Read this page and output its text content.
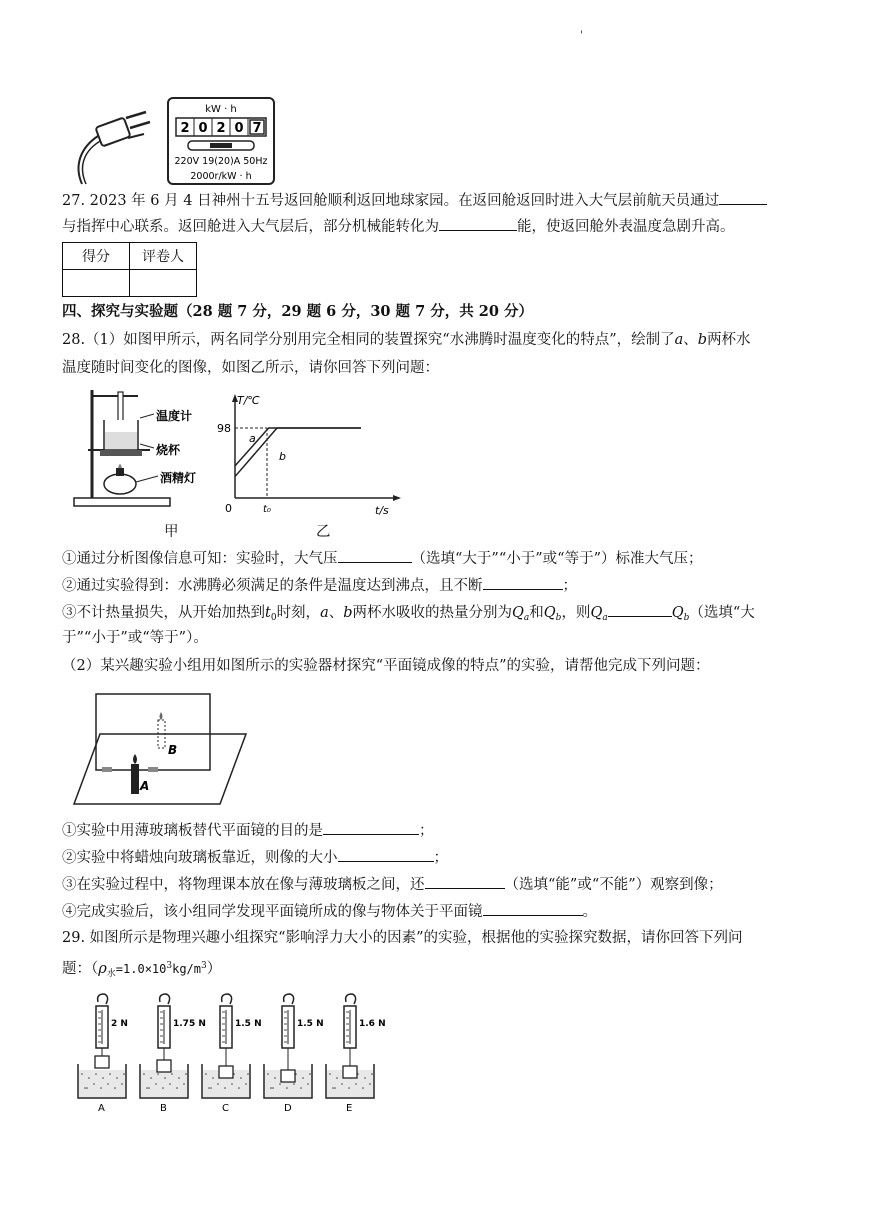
'
kW · h
2 0 2 0 7
220V 19(20)A 50Hz
2000r/kW · h
27. 2023 年 6 月 4 日神州十五号返回舱顺利返回地球家园。在返回舱返回时进入大气层前航天员通过
与指挥中心联系。返回舱进入大气层后，部分机械能转化为	能，使返回舱外表温度急剧升高。
得分	评卷人

四、探究与实验题（28 题 7 分，29 题 6 分，30 题 7 分，共 20 分）
28.（1）如图甲所示，两名同学分别用完全相同的装置探究“水沸腾时温度变化的特点”，绘制了a、b两杯水
温度随时间变化的图像，如图乙所示，请你回答下列问题：
温度计
烧杯
酒精灯
甲
T/℃
t/s
98
0	t₀
a
b
乙
①通过分析图像信息可知：实验时，大气压	（选填“大于”“小于”或“等于”）标准大气压；
②通过实验得到：水沸腾必须满足的条件是温度达到沸点，且不断	；
③不计热量损失，从开始加热到$t_0$时刻，a、b两杯水吸收的热量分别为$Q_a$和$Q_b$，则$Q_a$	$Q_b$（选填“大
于”“小于”或“等于”）。
（2）某兴趣实验小组用如图所示的实验器材探究“平面镜成像的特点”的实验，请帮他完成下列问题：
A
B
①实验中用薄玻璃板替代平面镜的目的是	；
②实验中将蜡烛向玻璃板靠近，则像的大小	；
③在实验过程中，将物理课本放在像与薄玻璃板之间，还	（选填“能”或“不能”）观察到像；
④完成实验后，该小组同学发现平面镜所成的像与物体关于平面镜	。
29. 如图所示是物理兴趣小组探究“影响浮力大小的因素”的实验，根据他的实验探究数据，请你回答下列问
题：$(\rho_水=1.0\times 10^3kg/m^3)$
2 N
A
1.75 N
B
1.5 N
C
1.5 N
D
1.6 N
E
